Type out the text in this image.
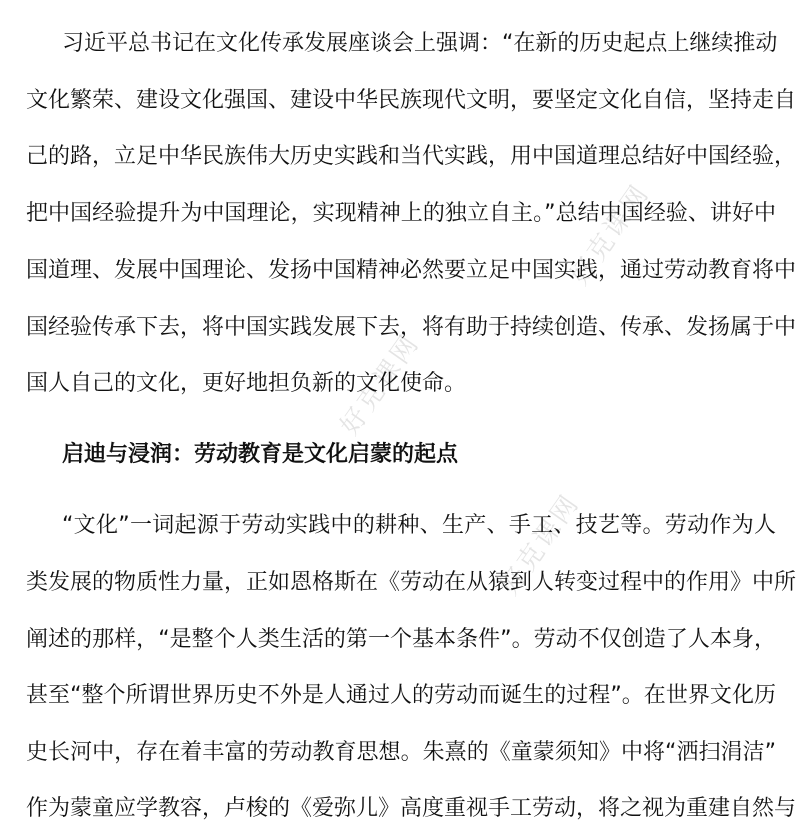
好克课网
好克课网
好克课网
习近平总书记在文化传承发展座谈会上强调：“在新的历史起点上继续推动
文化繁荣、建设文化强国、建设中华民族现代文明，要坚定文化自信，坚持走自
己的路，立足中华民族伟大历史实践和当代实践，用中国道理总结好中国经验，
把中国经验提升为中国理论，实现精神上的独立自主。”总结中国经验、讲好中
国道理、发展中国理论、发扬中国精神必然要立足中国实践，通过劳动教育将中
国经验传承下去，将中国实践发展下去，将有助于持续创造、传承、发扬属于中
国人自己的文化，更好地担负新的文化使命。
启迪与浸润：劳动教育是文化启蒙的起点
“文化”一词起源于劳动实践中的耕种、生产、手工、技艺等。劳动作为人
类发展的物质性力量，正如恩格斯在《劳动在从猿到人转变过程中的作用》中所
阐述的那样，“是整个人类生活的第一个基本条件”。劳动不仅创造了人本身，
甚至“整个所谓世界历史不外是人通过人的劳动而诞生的过程”。在世界文化历
史长河中，存在着丰富的劳动教育思想。朱熹的《童蒙须知》中将“洒扫涓洁”
作为蒙童应学教容，卢梭的《爱弥儿》高度重视手工劳动，将之视为重建自然与
